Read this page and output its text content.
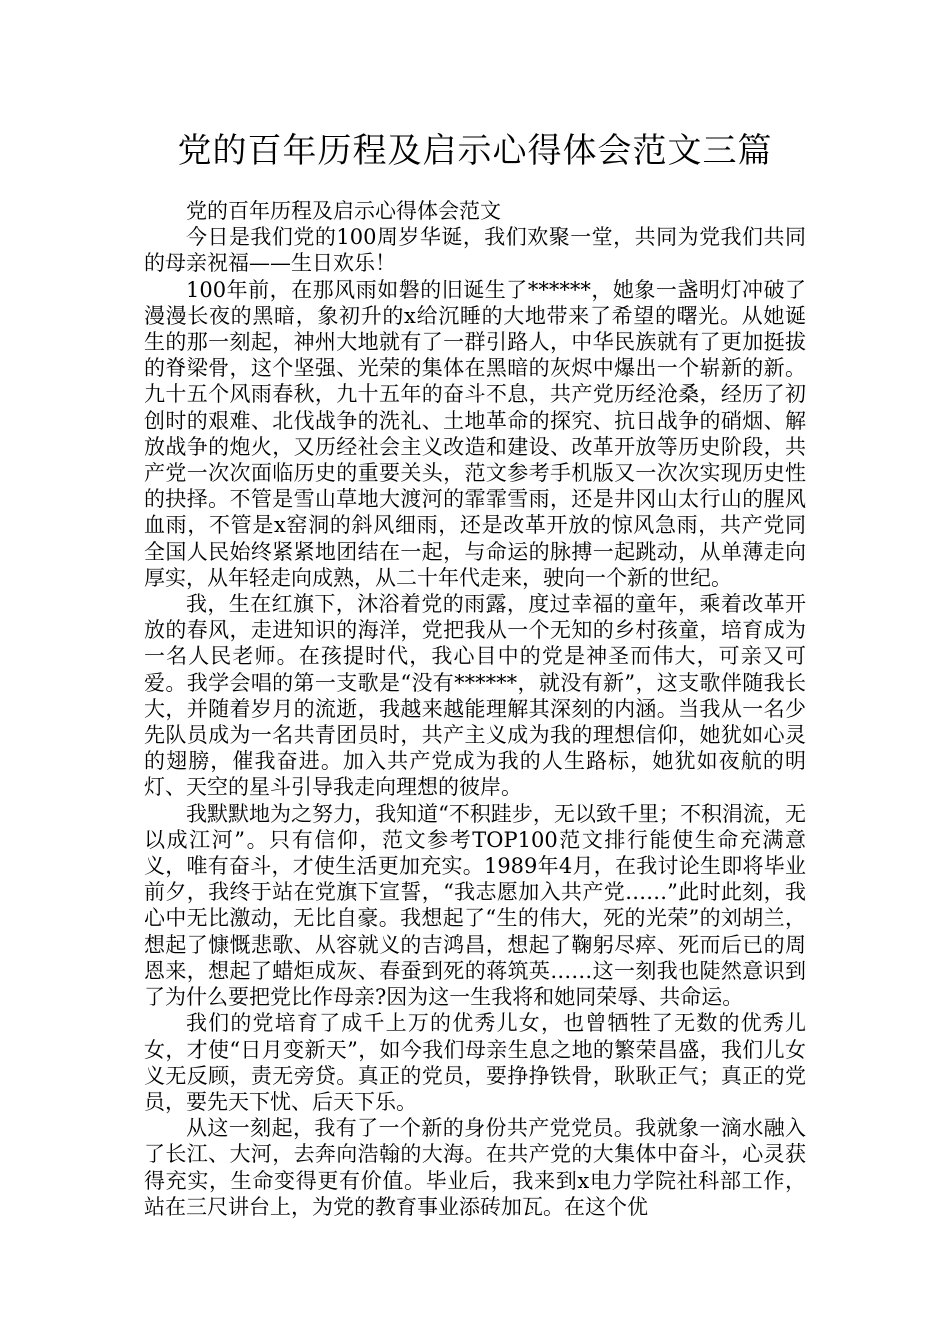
党的百年历程及启示心得体会范文三篇

党的百年历程及启示心得体会范文

今日是我们党的100周岁华诞，我们欢聚一堂，共同为党我们共同的母亲祝福——生日欢乐！

100年前，在那风雨如磐的旧诞生了******，她象一盏明灯冲破了漫漫长夜的黑暗，象初升的x给沉睡的大地带来了希望的曙光。从她诞生的那一刻起，神州大地就有了一群引路人，中华民族就有了更加挺拔的脊梁骨，这个坚强、光荣的集体在黑暗的灰烬中爆出一个崭新的新。九十五个风雨春秋，九十五年的奋斗不息，共产党历经沧桑，经历了初创时的艰难、北伐战争的洗礼、土地革命的探究、抗日战争的硝烟、解放战争的炮火，又历经社会主义改造和建设、改革开放等历史阶段，共产党一次次面临历史的重要关头，范文参考手机版又一次次实现历史性的抉择。不管是雪山草地大渡河的霏霏雪雨，还是井冈山太行山的腥风血雨，不管是x窑洞的斜风细雨，还是改革开放的惊风急雨，共产党同全国人民始终紧紧地团结在一起，与命运的脉搏一起跳动，从单薄走向厚实，从年轻走向成熟，从二十年代走来，驶向一个新的世纪。

我，生在红旗下，沐浴着党的雨露，度过幸福的童年，乘着改革开放的春风，走进知识的海洋，党把我从一个无知的乡村孩童，培育成为一名人民老师。在孩提时代，我心目中的党是神圣而伟大，可亲又可爱。我学会唱的第一支歌是“没有******，就没有新”，这支歌伴随我长大，并随着岁月的流逝，我越来越能理解其深刻的内涵。当我从一名少先队员成为一名共青团员时，共产主义成为我的理想信仰，她犹如心灵的翅膀，催我奋进。加入共产党成为我的人生路标，她犹如夜航的明灯、天空的星斗引导我走向理想的彼岸。

我默默地为之努力，我知道“不积跬步，无以致千里；不积涓流，无以成江河”。只有信仰，范文参考TOP100范文排行能使生命充满意义，唯有奋斗，才使生活更加充实。1989年4月，在我讨论生即将毕业前夕，我终于站在党旗下宣誓，“我志愿加入共产党……”此时此刻，我心中无比激动，无比自豪。我想起了“生的伟大，死的光荣”的刘胡兰，想起了慷慨悲歌、从容就义的吉鸿昌，想起了鞠躬尽瘁、死而后已的周恩来，想起了蜡炬成灰、春蚕到死的蒋筑英……这一刻我也陡然意识到了为什么要把党比作母亲?因为这一生我将和她同荣辱、共命运。

我们的党培育了成千上万的优秀儿女，也曾牺牲了无数的优秀儿女，才使“日月变新天”，如今我们母亲生息之地的繁荣昌盛，我们儿女义无反顾，责无旁贷。真正的党员，要挣挣铁骨，耿耿正气；真正的党员，要先天下忧、后天下乐。

从这一刻起，我有了一个新的身份共产党党员。我就象一滴水融入了长江、大河，去奔向浩翰的大海。在共产党的大集体中奋斗，心灵获得充实，生命变得更有价值。毕业后，我来到x电力学院社科部工作，站在三尺讲台上，为党的教育事业添砖加瓦。在这个优
